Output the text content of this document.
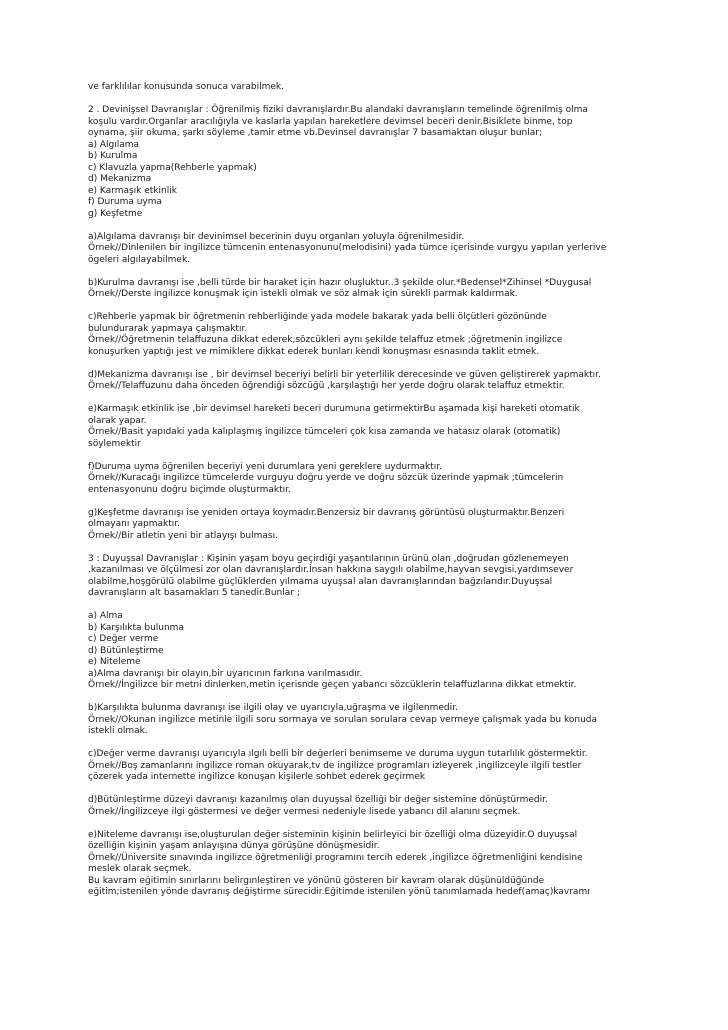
ve farklılılar konusunda sonuca varabilmek.
2 . Devinişsel Davranışlar : Öğrenilmiş fiziki davranışlardır.Bu alandaki davranışların temelinde öğrenilmiş olma
koşulu vardır.Organlar aracılığıyla ve kaslarla yapılan hareketlere devimsel beceri denir.Bisiklete binme, top
oynama, şiir okuma, şarkı söyleme ,tamir etme vb.Devinsel davranışlar 7 basamaktan oluşur bunlar;
a) Algılama
b) Kurulma
c) Klavuzla yapma(Rehberle yapmak)
d) Mekanizma
e) Karmaşık etkinlik
f) Duruma uyma
g) Keşfetme
a)Algılama davranışı bir devinimsel becerinin duyu organları yoluyla öğrenilmesidir.
Örnek//Dinlenilen bir ingilizce tümcenin entenasyonunu(melodisini) yada tümce içerisinde vurgyu yapılan yerlerive
ögeleri algılayabilmek.
b)Kurulma davranışı ise ,belli türde bir haraket için hazır oluşluktur..3 şekilde olur.*Bedensel*Zihinsel *Duygusal
Örnek//Derste ingilizce konuşmak için istekli olmak ve söz almak için sürekli parmak kaldırmak.
c)Rehberle yapmak bir öğretmenin rehberliğinde yada modele bakarak yada belli ölçütleri gözönünde
bulundurarak yapmaya çalışmaktır.
Örnek//Öğretmenin telaffuzuna dikkat ederek,sözcükleri aynı şekilde telaffuz etmek ;öğretmenin ingilizce
konuşurken yaptığı jest ve mimiklere dikkat ederek bunları kendi konuşması esnasında taklit etmek.
d)Mekanizma davranışı ise , bir devimsel beceriyi belirli bir yeterlilik derecesinde ve güven geliştirerek yapmaktır.
Örnek//Telaffuzunu daha önceden öğrendiği sözcüğü ,karşılaştığı her yerde doğru olarak telaffuz etmektir.
e)Karmaşık etkinlik ise ,bir devimsel hareketi beceri durumuna getirmektirBu aşamada kişi hareketi otomatik
olarak yapar.
Örnek//Basit yapıdaki yada kalıplaşmış ingilizce tümceleri çok kısa zamanda ve hatasız olarak (otomatik)
söylemektir
f)Duruma uyma öğrenilen beceriyi yeni durumlara yeni gereklere uydurmaktır.
Örnek//Kuracağı ingilizce tümcelerde vurguyu doğru yerde ve doğru sözcük üzerinde yapmak ;tümcelerin
entenasyonunu doğru biçimde oluşturmaktır.
g)Keşfetme davranışı ise yeniden ortaya koymadır.Benzersiz bir davranış görüntüsü oluşturmaktır.Benzeri
olmayanı yapmaktır.
Örnek//Bir atletin yeni bir atlayışı bulması.
3 : Duyuşsal Davranışlar : Kişinin yaşam boyu geçirdiği yaşantılarının ürünü olan ,doğrudan gözlenemeyen
,kazanılması ve ölçülmesi zor olan davranışlardır.İnsan hakkına saygılı olabilme,hayvan sevgisi,yardımsever
olabilme,hoşgörülü olabilme güçlüklerden yılmama uyuşsal alan davranışlarından bağzılarıdır.Duyuşsal
davranışların alt basamakları 5 tanedir.Bunlar ;
a) Alma
b) Karşılıkta bulunma
c) Değer verme
d) Bütünleştirme
e) Niteleme
a)Alma davranışı bir olayın,bir uyarıcının farkına varılmasıdır.
Örnek//İngilizce bir metni dinlerken,metin içerisnde geçen yabancı sözcüklerin telaffuzlarına dikkat etmektir.
b)Karşılıkta bulunma davranışı ise ilgili olay ve uyarıcıyla,uğraşma ve ilgilenmedir.
Örnek//Okunan ingilizce metinle ilgili soru sormaya ve sorulan sorulara cevap vermeye çalışmak yada bu konuda
istekli olmak.
c)Değer verme davranışı uyarıcıyla ılgılı belli bir değerleri benimseme ve duruma uygun tutarlılık göstermektir.
Örnek//Boş zamanlarını ingilizce roman okuyarak,tv de ingilizce programları izleyerek ,ingilizceyle ilgili testler
çözerek yada internette ingilizce konuşan kişilerle sohbet ederek geçirmek
d)Bütünleştirme düzeyi davranışı kazanılmış olan duyuşsal özelliği bir değer sistemine dönüştürmedir.
Örnek//İngilizceye ilgi göstermesi ve değer vermesi nedeniyle lisede yabancı dil alanını seçmek.
e)Niteleme davranışı ise,oluşturulan değer sisteminin kişinin belirleyici bir özelliği olma düzeyidir.O duyuşsal
özelliğin kişinin yaşam anlayışına dünya görüşüne dönüşmesidir.
Örnek//Üniversite sınavında ingilizce öğretmenliği programını tercih ederek ,ingilizce öğretmenliğini kendisine
meslek olarak seçmek.
Bu kavram eğitimin sınırlarını belirgınleştiren ve yönünü gösteren bir kavram olarak düşünüldüğünde
eğitim;istenilen yönde davranış değiştirme sürecidir.Eğitimde istenilen yönü tanımlamada hedef(amaç)kavramı
